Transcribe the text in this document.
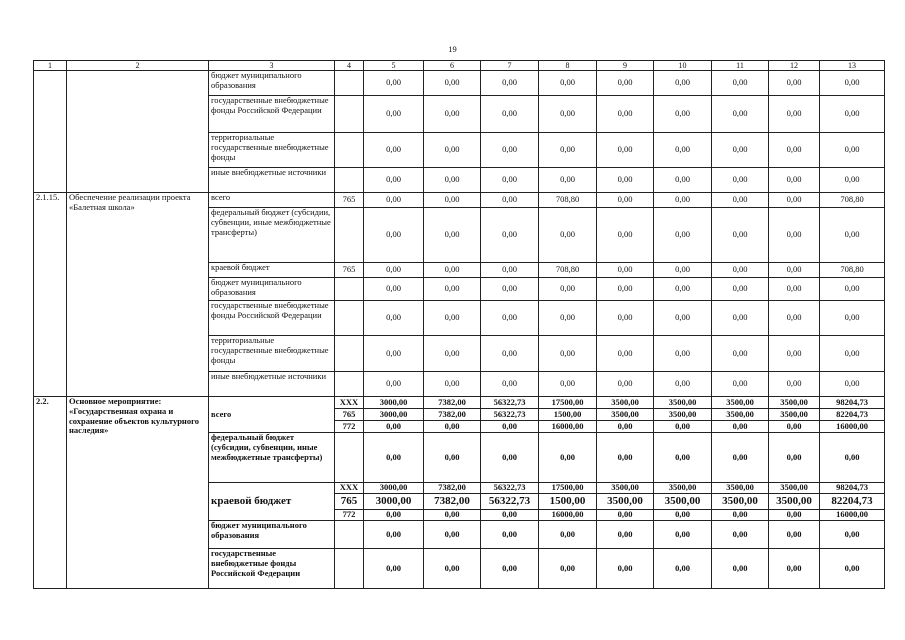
19
1	2	3	4	5	6	7	8	9	10	11	12	13
		бюджет муниципального образования		0,00	0,00	0,00	0,00	0,00	0,00	0,00	0,00	0,00
		государственные внебюджетные фонды Российской Федерации		0,00	0,00	0,00	0,00	0,00	0,00	0,00	0,00	0,00
		территориальные государственные внебюджетные фонды		0,00	0,00	0,00	0,00	0,00	0,00	0,00	0,00	0,00
		иные внебюджетные источники		0,00	0,00	0,00	0,00	0,00	0,00	0,00	0,00	0,00
2.1.15.	Обеспечение реализации проекта «Балетная школа»	всего	765	0,00	0,00	0,00	708,80	0,00	0,00	0,00	0,00	708,80
		федеральный бюджет (субсидии, субвенции, иные межбюджетные трансферты)		0,00	0,00	0,00	0,00	0,00	0,00	0,00	0,00	0,00
		краевой бюджет	765	0,00	0,00	0,00	708,80	0,00	0,00	0,00	0,00	708,80
		бюджет муниципального образования		0,00	0,00	0,00	0,00	0,00	0,00	0,00	0,00	0,00
		государственные внебюджетные фонды Российской Федерации		0,00	0,00	0,00	0,00	0,00	0,00	0,00	0,00	0,00
		территориальные государственные внебюджетные фонды		0,00	0,00	0,00	0,00	0,00	0,00	0,00	0,00	0,00
		иные внебюджетные источники		0,00	0,00	0,00	0,00	0,00	0,00	0,00	0,00	0,00
2.2.	Основное мероприятие: «Государственная охрана и сохранение объектов культурного наследия»	всего	ХХХ	3000,00	7382,00	56322,73	17500,00	3500,00	3500,00	3500,00	3500,00	98204,73
			765	3000,00	7382,00	56322,73	1500,00	3500,00	3500,00	3500,00	3500,00	82204,73
			772	0,00	0,00	0,00	16000,00	0,00	0,00	0,00	0,00	16000,00
		федеральный бюджет (субсидии, субвенции, иные межбюджетные трансферты)		0,00	0,00	0,00	0,00	0,00	0,00	0,00	0,00	0,00
		краевой бюджет	ХХХ	3000,00	7382,00	56322,73	17500,00	3500,00	3500,00	3500,00	3500,00	98204,73
			765	3000,00	7382,00	56322,73	1500,00	3500,00	3500,00	3500,00	3500,00	82204,73
			772	0,00	0,00	0,00	16000,00	0,00	0,00	0,00	0,00	16000,00
		бюджет муниципального образования		0,00	0,00	0,00	0,00	0,00	0,00	0,00	0,00	0,00
		государственные внебюджетные фонды Российской Федерации		0,00	0,00	0,00	0,00	0,00	0,00	0,00	0,00	0,00
